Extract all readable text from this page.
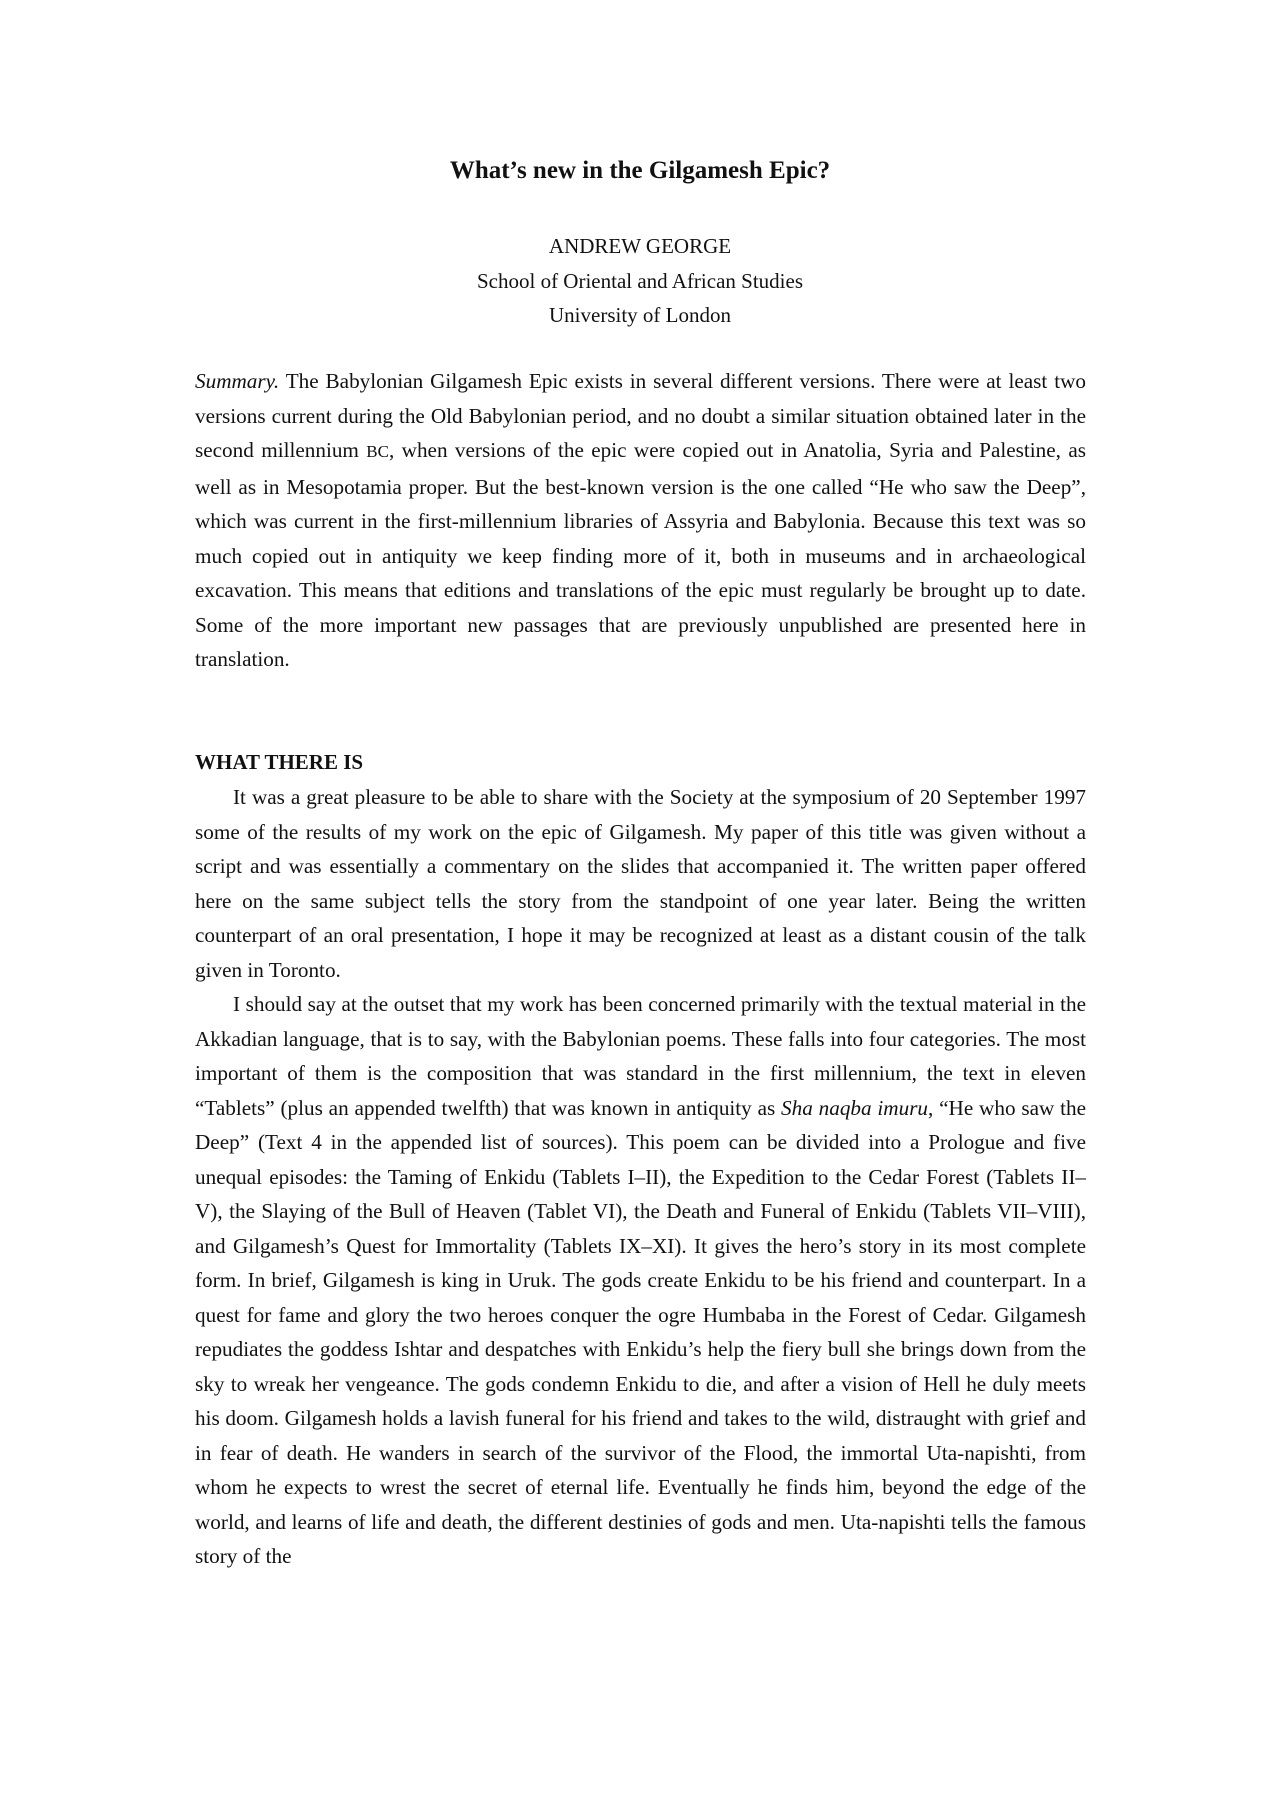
What’s new in the Gilgamesh Epic?
ANDREW GEORGE
School of Oriental and African Studies
University of London

Summary. The Babylonian Gilgamesh Epic exists in several different versions. There were at least two versions current during the Old Babylonian period, and no doubt a similar situation obtained later in the second millennium BC, when versions of the epic were copied out in Anatolia, Syria and Palestine, as well as in Mesopotamia proper. But the best-known version is the one called “He who saw the Deep”, which was current in the first-millennium libraries of Assyria and Babylonia. Because this text was so much copied out in antiquity we keep finding more of it, both in museums and in archaeological excavation. This means that editions and translations of the epic must regularly be brought up to date. Some of the more important new passages that are previously unpublished are presented here in translation.

WHAT THERE IS

It was a great pleasure to be able to share with the Society at the symposium of 20 September 1997 some of the results of my work on the epic of Gilgamesh. My paper of this title was given without a script and was essentially a commentary on the slides that accompanied it. The written paper offered here on the same subject tells the story from the standpoint of one year later. Being the written counterpart of an oral presentation, I hope it may be recognized at least as a distant cousin of the talk given in Toronto.

I should say at the outset that my work has been concerned primarily with the textual material in the Akkadian language, that is to say, with the Babylonian poems. These falls into four categories. The most important of them is the composition that was standard in the first millennium, the text in eleven “Tablets” (plus an appended twelfth) that was known in antiquity as Sha naqba imuru, “He who saw the Deep” (Text 4 in the appended list of sources). This poem can be divided into a Prologue and five unequal episodes: the Taming of Enkidu (Tablets I–II), the Expedition to the Cedar Forest (Tablets II–V), the Slaying of the Bull of Heaven (Tablet VI), the Death and Funeral of Enkidu (Tablets VII–VIII), and Gilgamesh’s Quest for Immortality (Tablets IX–XI). It gives the hero’s story in its most complete form. In brief, Gilgamesh is king in Uruk. The gods create Enkidu to be his friend and counterpart. In a quest for fame and glory the two heroes conquer the ogre Humbaba in the Forest of Cedar. Gilgamesh repudiates the goddess Ishtar and despatches with Enkidu’s help the fiery bull she brings down from the sky to wreak her vengeance. The gods condemn Enkidu to die, and after a vision of Hell he duly meets his doom. Gilgamesh holds a lavish funeral for his friend and takes to the wild, distraught with grief and in fear of death. He wanders in search of the survivor of the Flood, the immortal Uta-napishti, from whom he expects to wrest the secret of eternal life. Eventually he finds him, beyond the edge of the world, and learns of life and death, the different destinies of gods and men. Uta-napishti tells the famous story of the
